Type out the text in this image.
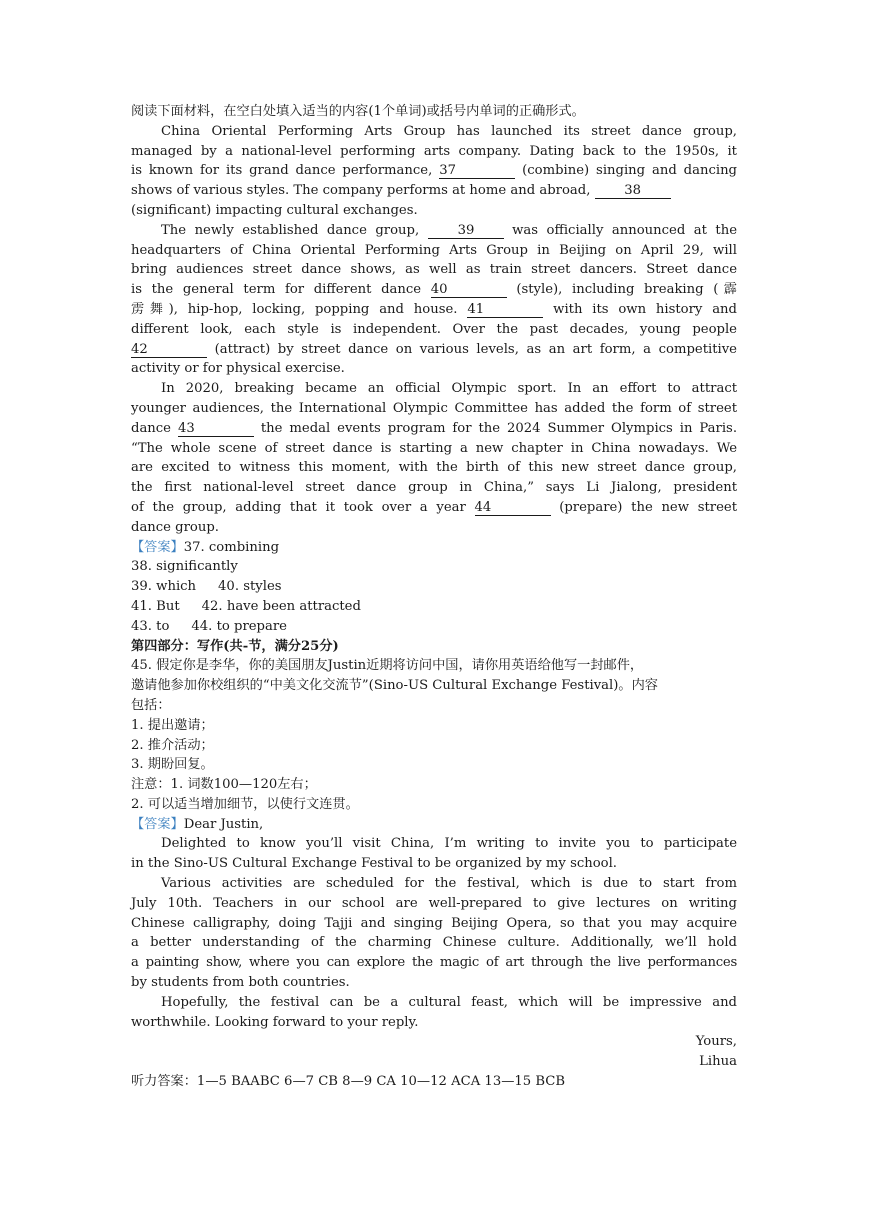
阅读下面材料，在空白处填入适当的内容(1个单词)或括号内单词的正确形式。
China Oriental Performing Arts Group has launched its street dance group,
managed by a national-level performing arts company. Dating back to the 1950s, it
is known for its grand dance performance, 37	(combine) singing and dancing
shows of various styles. The company performs at home and abroad,	38
(significant) impacting cultural exchanges.
The newly established dance group,	39	was officially announced at the
headquarters of China Oriental Performing Arts Group in Beijing on April 29, will
bring audiences street dance shows, as well as train street dancers. Street dance
is the general term for different dance 40	(style), including breaking (霹
雳舞), hip-hop, locking, popping and house. 41	with its own history and
different look, each style is independent. Over the past decades, young people
42	(attract) by street dance on various levels, as an art form, a competitive
activity or for physical exercise.
In 2020, breaking became an official Olympic sport. In an effort to attract
younger audiences, the International Olympic Committee has added the form of street
dance 43	the medal events program for the 2024 Summer Olympics in Paris.
“The whole scene of street dance is starting a new chapter in China nowadays. We
are excited to witness this moment, with the birth of this new street dance group,
the first national-level street dance group in China,” says Li Jialong, president
of the group, adding that it took over a year 44	(prepare) the new street
dance group.
【答案】37. combining
38. significantly
39. which 40. styles
41. But 42. have been attracted
43. to 44. to prepare
第四部分：写作(共-节，满分25分)
45. 假定你是李华，你的美国朋友Justin近期将访问中国，请你用英语给他写一封邮件，
邀请他参加你校组织的“中美文化交流节”(Sino-US Cultural Exchange Festival)。内容
包括：
1. 提出邀请；
2. 推介活动；
3. 期盼回复。
注意：1. 词数100—120左右；
2. 可以适当增加细节，以使行文连贯。
【答案】Dear Justin,
Delighted to know you’ll visit China, I’m writing to invite you to participate
in the Sino-US Cultural Exchange Festival to be organized by my school.
Various activities are scheduled for the festival, which is due to start from
July 10th. Teachers in our school are well-prepared to give lectures on writing
Chinese calligraphy, doing Tajji and singing Beijing Opera, so that you may acquire
a better understanding of the charming Chinese culture. Additionally, we’ll hold
a painting show, where you can explore the magic of art through the live performances
by students from both countries.
Hopefully, the festival can be a cultural feast, which will be impressive and
worthwhile. Looking forward to your reply.
Yours,
Lihua
听力答案：1—5 BAABC 6—7 CB 8—9 CA 10—12 ACA 13—15 BCB
